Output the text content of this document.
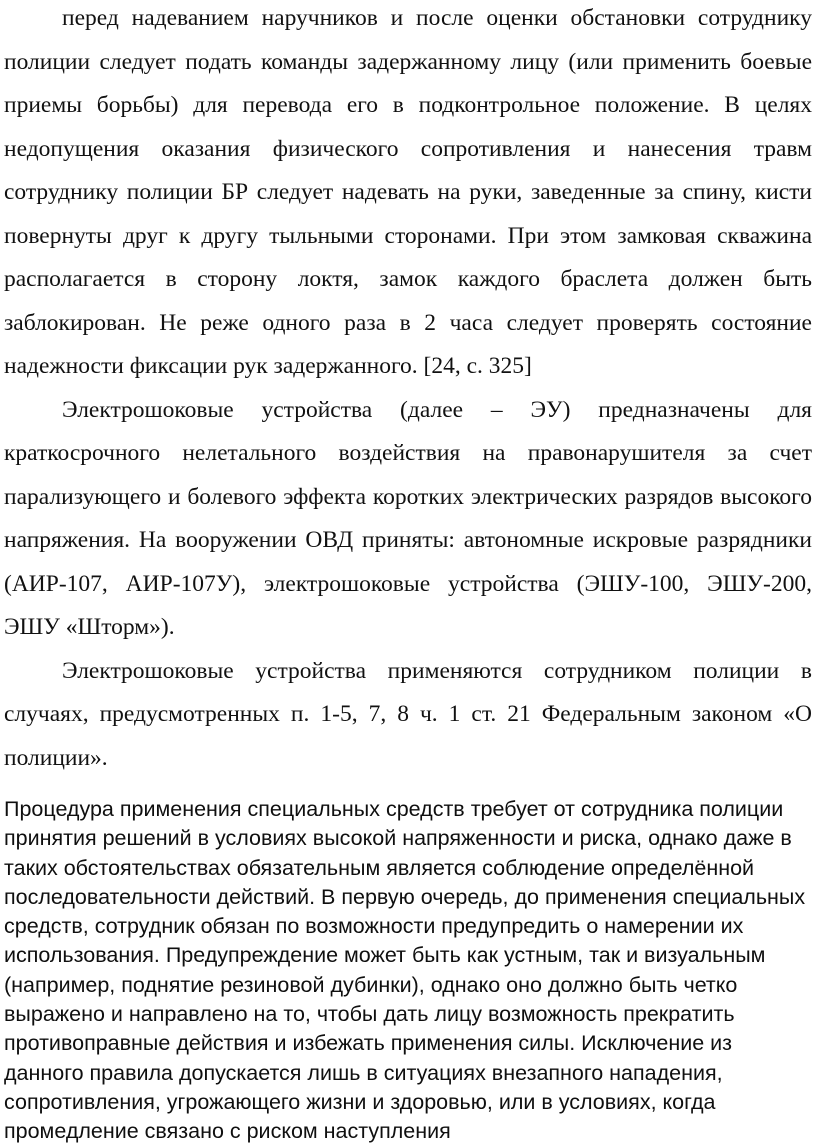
перед надеванием наручников и после оценки обстановки сотруднику полиции следует подать команды задержанному лицу (или применить боевые приемы борьбы) для перевода его в подконтрольное положение. В целях недопущения оказания физического сопротивления и нанесения травм сотруднику полиции БР следует надевать на руки, заведенные за спину, кисти повернуты друг к другу тыльными сторонами. При этом замковая скважина располагается в сторону локтя, замок каждого браслета должен быть заблокирован. Не реже одного раза в 2 часа следует проверять состояние надежности фиксации рук задержанного. [24, с. 325]

Электрошоковые устройства (далее – ЭУ) предназначены для краткосрочного нелетального воздействия на правонарушителя за счет парализующего и болевого эффекта коротких электрических разрядов высокого напряжения. На вооружении ОВД приняты: автономные искровые разрядники (АИР-107, АИР-107У), электрошоковые устройства (ЭШУ-100, ЭШУ-200, ЭШУ «Шторм»).

Электрошоковые устройства применяются сотрудником полиции в случаях, предусмотренных п. 1-5, 7, 8 ч. 1 ст. 21 Федеральным законом «О полиции».

Процедура применения специальных средств требует от сотрудника полиции принятия решений в условиях высокой напряженности и риска, однако даже в таких обстоятельствах обязательным является соблюдение определённой последовательности действий. В первую очередь, до применения специальных средств, сотрудник обязан по возможности предупредить о намерении их использования. Предупреждение может быть как устным, так и визуальным (например, поднятие резиновой дубинки), однако оно должно быть четко выражено и направлено на то, чтобы дать лицу возможность прекратить противоправные действия и избежать применения силы. Исключение из данного правила допускается лишь в ситуациях внезапного нападения, сопротивления, угрожающего жизни и здоровью, или в условиях, когда промедление связано с риском наступления
